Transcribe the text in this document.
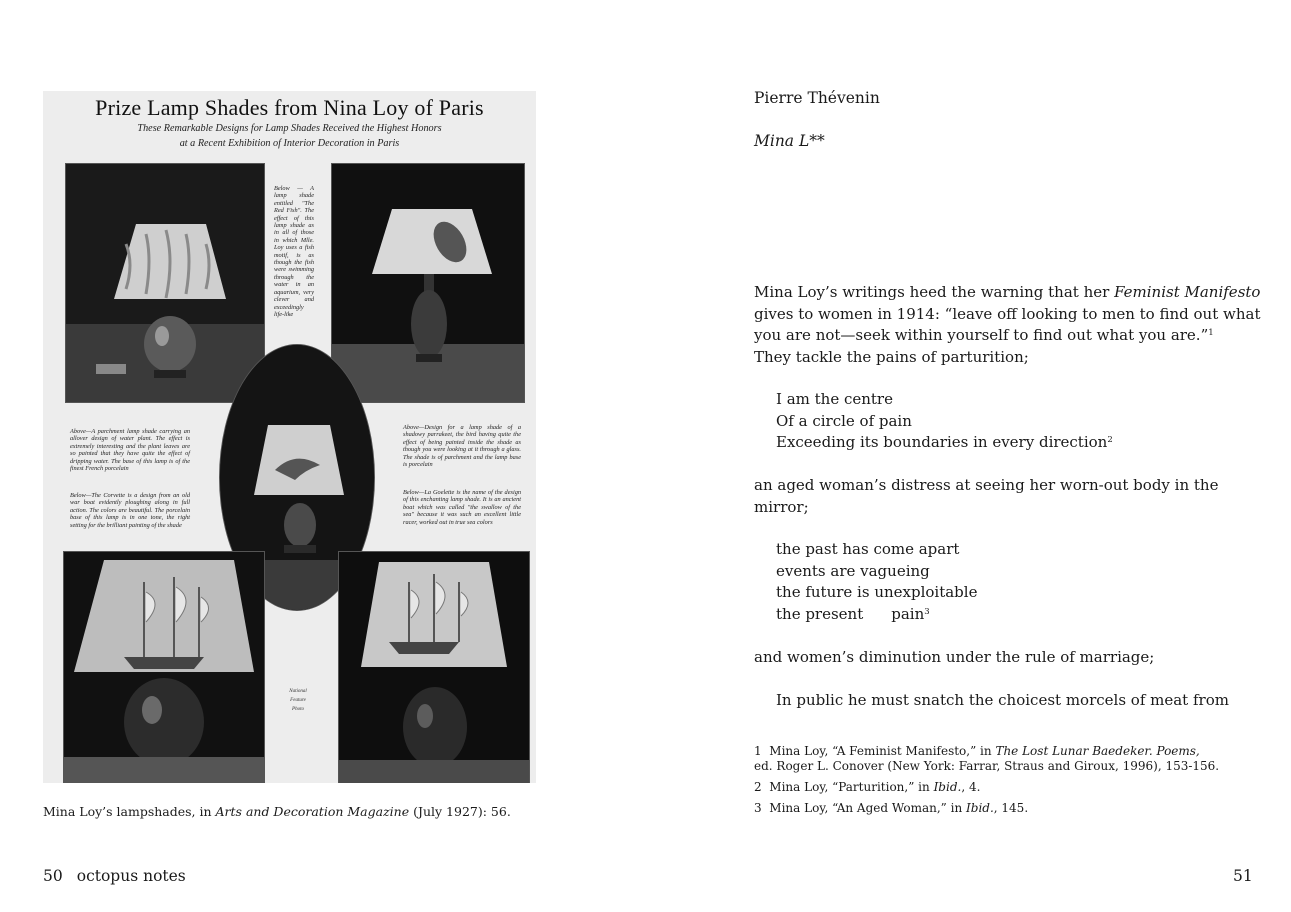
Prize Lamp Shades from Nina Loy of Paris
These Remarkable Designs for Lamp Shades Received the Highest Honors
at a Recent Exhibition of Interior Decoration in Paris
Below — A lamp shade entitled "The Red Fish". The effect of this lamp shade as in all of those in which Mlle. Loy uses a fish motif, is as though the fish were swimming through the water in an aquarium, very clever and exceedingly life-like
Above—A parchment lamp shade carrying an allover design of water plant. The effect is extremely interesting and the plant leaves are so painted that they have quite the effect of dripping water. The base of this lamp is of the finest French porcelain
Below—The Corvette is a design from an old war boat evidently ploughing along in full action. The colors are beautiful. The porcelain base of this lamp is in one tone, the right setting for the brilliant painting of the shade
Above—Design for a lamp shade of a shadowy parrakeet, the bird having quite the effect of being painted inside the shade as though you were looking at it through a glass. The shade is of parchment and the lamp base is porcelain
Below—La Goelette is the name of the design of this enchanting lamp shade. It is an ancient boat which was called "the swallow of the sea" because it was such an excellent little racer, worked out in true sea colors
National
Feature
Photo
Mina Loy’s lampshades, in Arts and Decoration Magazine (July 1927): 56.
50 octopus notes
Pierre Thévenin
Mina L**
Mina Loy’s writings heed the warning that her Feminist Manifesto
gives to women in 1914: “leave off looking to men to find out what
you are not—seek within yourself to find out what you are.”$^1$
They tackle the pains of parturition;
I am the centre
Of a circle of pain
Exceeding its boundaries in every direction$^2$
an aged woman’s distress at seeing her worn-out body in the
mirror;
the past has come apart
events are vagueing
the future is unexploitable
the present pain$^3$
and women’s diminution under the rule of marriage;
In public he must snatch the choicest morcels of meat from
1 Mina Loy, “A Feminist Manifesto,” in The Lost Lunar Baedeker. Poems,
ed. Roger L. Conover (New York: Farrar, Straus and Giroux, 1996), 153-156.
2 Mina Loy, “Parturition,” in Ibid., 4.
3 Mina Loy, “An Aged Woman,” in Ibid., 145.
51
